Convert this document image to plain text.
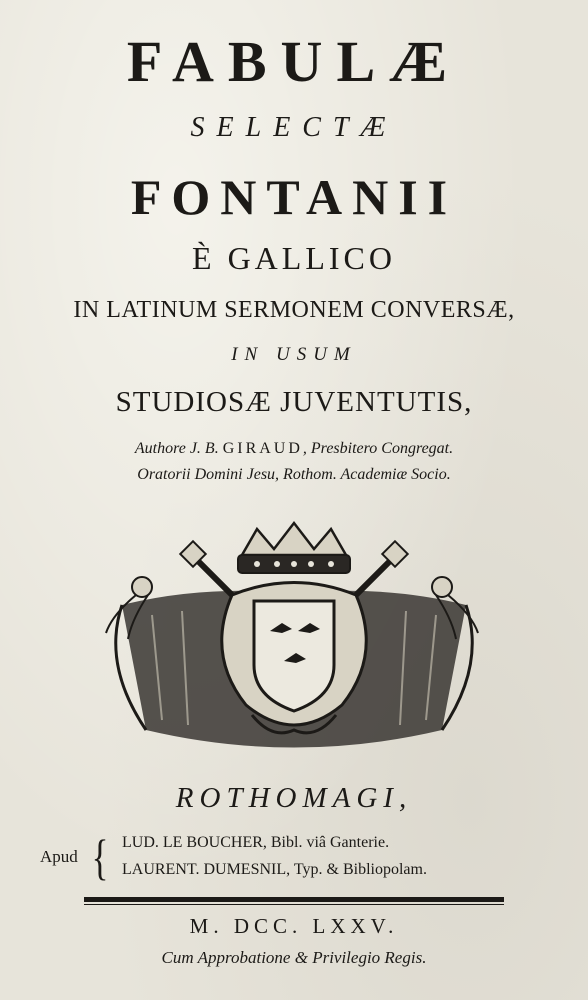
FABULÆ
SELECTÆ
FONTANII
È GALLICO
IN LATINUM SERMONEM CONVERSÆ,
IN USUM
STUDIOSÆ JUVENTUTIS,
Authore J. B. GIRAUD, Presbitero Congregat.
Oratorii Domini Jesu, Rothom. Academiæ Socio.
ROTHOMAGI,
Apud { LUD. LE BOUCHER, Bibl. viâ Ganterie.
LAURENT. DUMESNIL, Typ. & Bibliopolam.
M. DCC. LXXV.
Cum Approbatione & Privilegio Regis.
